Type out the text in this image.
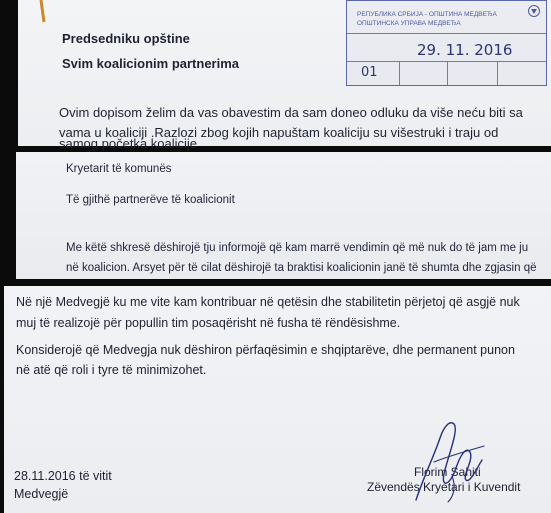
Predsedniku opštine
Svim koalicionim partnerima
Ovim dopisom želim da vas obavestim da sam doneo odluku da više neću biti sa
vama u koaliciji .Razlozi zbog kojih napuštam koaliciju su višestruki i traju od
samog početka koalicije
РЕПУБЛИКА СРБИЈА - ОПШТИНА МЕДВЕЂА
ОПШТИНСКА УПРАВА МЕДВЕЂА
29. 11. 2016
01
Kryetarit të komunës
Të gjithë partnerëve të koalicionit
Me këtë shkresë dëshirojë tju informojë që kam marrë vendimin që më nuk do të jam me ju
në koalicion. Arsyet për të cilat dëshirojë ta braktisi koalicionin janë të shumta dhe zgjasin që
Në një Medvegjë ku me vite kam kontribuar në qetësin dhe stabilitetin përjetoj që asgjë nuk
muj të realizojë për popullin tim posaqërisht në fusha të rëndësishme.
Konsiderojë që Medvegja nuk dëshiron përfaqësimin e shqiptarëve, dhe permanent punon
në atë që roli i tyre të minimizohet.
28.11.2016 të vitit
Medvegjë
Florim Sahiti
Zëvendës Kryetari i Kuvendit
